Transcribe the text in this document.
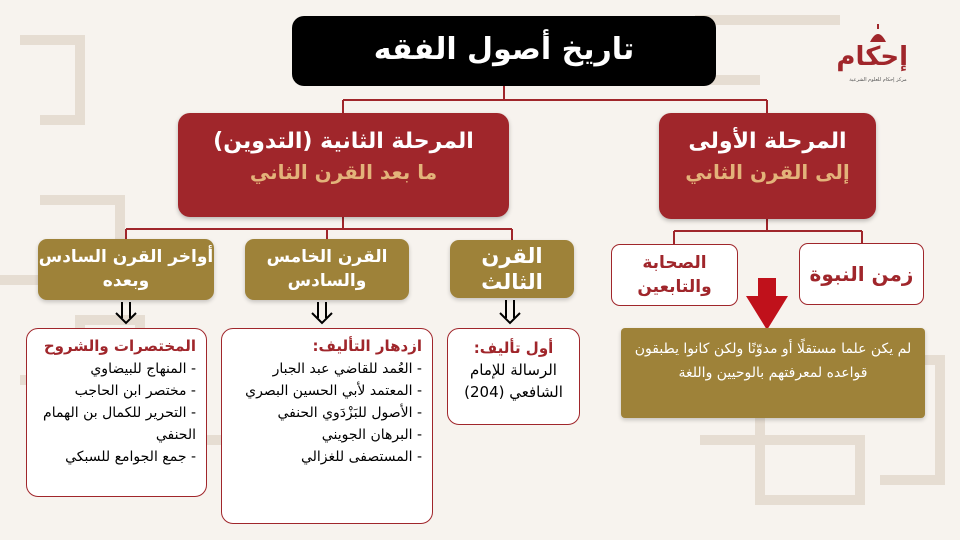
تاريخ أصول الفقه	إحكام
مركز إحكام للعلوم الشرعية
المرحلة الأولى
إلى القرن الثاني
المرحلة الثانية (التدوين)
ما بعد القرن الثاني
زمن النبوة
الصحابة والتابعين
لم يكن علما مستقلًا أو مدوّنًا ولكن كانوا يطبقون قواعده لمعرفتهم بالوحيين واللغة
القرن الثالث
القرن الخامس والسادس
أواخر القرن السادس وبعده
أول تأليف:
الرسالة للإمام
الشافعي (204)
ازدهار التأليف:
- العُمد للقاضي عبد الجبار
- المعتمد لأبي الحسين البصري
- الأصول للبَزْدَوي الحنفي
- البرهان الجويني
- المستصفى للغزالي
المختصرات والشروح
- المنهاج للبيضاوي
- مختصر ابن الحاجب
- التحرير للكمال بن الهمام الحنفي
- جمع الجوامع للسبكي
